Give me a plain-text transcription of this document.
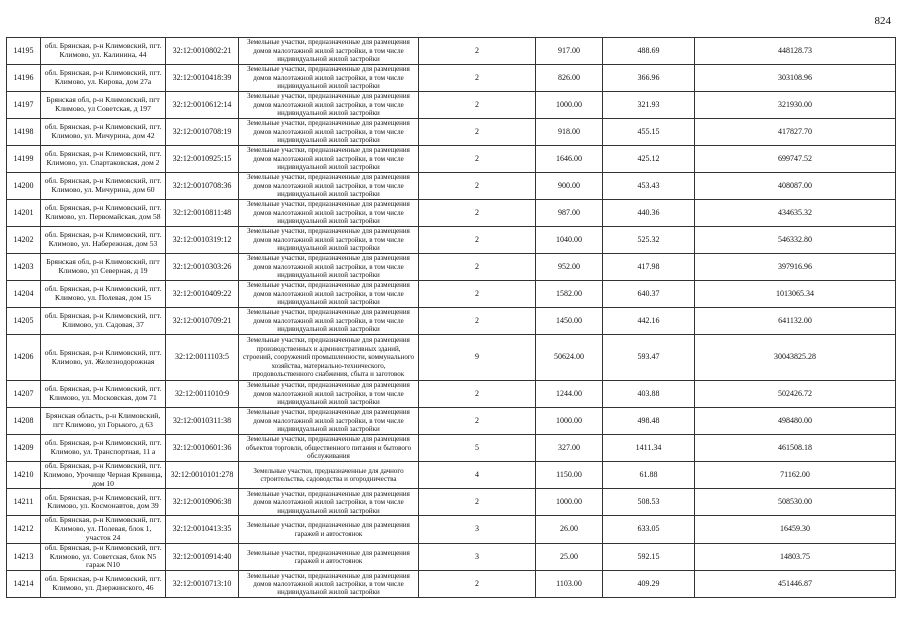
824
14195	обл. Брянская, р-н Климовский, пгт. Климово, ул. Калинина, 44	32:12:0010802:21	Земельные участки, предназначенные для размещения домов малоэтажной жилой застройки, в том числе индивидуальной жилой застройки	2	917.00	488.69	448128.73
14196	обл. Брянская, р-н Климовский, пгт. Климово, ул. Кирова, дом 27а	32:12:0010418:39	Земельные участки, предназначенные для размещения домов малоэтажной жилой застройки, в том числе индивидуальной жилой застройки	2	826.00	366.96	303108.96
14197	Брянская обл, р-н Климовский, пгт Климово, ул Советская, д 197	32:12:0010612:14	Земельные участки, предназначенные для размещения домов малоэтажной жилой застройки, в том числе индивидуальной жилой застройки	2	1000.00	321.93	321930.00
14198	обл. Брянская, р-н Климовский, пгт. Климово, ул. Мичурина, дом 42	32:12:0010708:19	Земельные участки, предназначенные для размещения домов малоэтажной жилой застройки, в том числе индивидуальной жилой застройки	2	918.00	455.15	417827.70
14199	обл. Брянская, р-н Климовский, пгт. Климово, ул. Спартаковская, дом 2	32:12:0010925:15	Земельные участки, предназначенные для размещения домов малоэтажной жилой застройки, в том числе индивидуальной жилой застройки	2	1646.00	425.12	699747.52
14200	обл. Брянская, р-н Климовский, пгт. Климово, ул. Мичурина, дом 60	32:12:0010708:36	Земельные участки, предназначенные для размещения домов малоэтажной жилой застройки, в том числе индивидуальной жилой застройки	2	900.00	453.43	408087.00
14201	обл. Брянская, р-н Климовский, пгт. Климово, ул. Первомайская, дом 58	32:12:0010811:48	Земельные участки, предназначенные для размещения домов малоэтажной жилой застройки, в том числе индивидуальной жилой застройки	2	987.00	440.36	434635.32
14202	обл. Брянская, р-н Климовский, пгт. Климово, ул. Набережная, дом 53	32:12:0010319:12	Земельные участки, предназначенные для размещения домов малоэтажной жилой застройки, в том числе индивидуальной жилой застройки	2	1040.00	525.32	546332.80
14203	Брянская обл, р-н Климовский, пгт Климово, ул Северная, д 19	32:12:0010303:26	Земельные участки, предназначенные для размещения домов малоэтажной жилой застройки, в том числе индивидуальной жилой застройки	2	952.00	417.98	397916.96
14204	обл. Брянская, р-н Климовский, пгт. Климово, ул. Полевая, дом 15	32:12:0010409:22	Земельные участки, предназначенные для размещения домов малоэтажной жилой застройки, в том числе индивидуальной жилой застройки	2	1582.00	640.37	1013065.34
14205	обл. Брянская, р-н Климовский, пгт. Климово, ул. Садовая, 37	32:12:0010709:21	Земельные участки, предназначенные для размещения домов малоэтажной жилой застройки, в том числе индивидуальной жилой застройки	2	1450.00	442.16	641132.00
14206	обл. Брянская, р-н Климовский, пгт. Климово, ул. Железнодорожная	32:12:0011103:5	Земельные участки, предназначенные для размещения производственных и административных зданий, строений, сооружений промышленности, коммунального хозяйства, материально-технического, продовольственного снабжения, сбыта и заготовок	9	50624.00	593.47	30043825.28
14207	обл. Брянская, р-н Климовский, пгт. Климово, ул. Московская, дом 71	32:12:0011010:9	Земельные участки, предназначенные для размещения домов малоэтажной жилой застройки, в том числе индивидуальной жилой застройки	2	1244.00	403.88	502426.72
14208	Брянская область, р-н Климовский, пгт Климово, ул Горького, д 63	32:12:0010311:38	Земельные участки, предназначенные для размещения домов малоэтажной жилой застройки, в том числе индивидуальной жилой застройки	2	1000.00	498.48	498480.00
14209	обл. Брянская, р-н Климовский, пгт. Климово, ул. Транспортная, 11 а	32:12:0010601:36	Земельные участки, предназначенные для размещения объектов торговли, общественного питания и бытового обслуживания	5	327.00	1411.34	461508.18
14210	обл. Брянская, р-н Климовский, пгт. Климово, Урочище Черная Криница, дом 10	32:12:0010101:278	Земельные участки, предназначенные для дачного строительства, садоводства и огородничества	4	1150.00	61.88	71162.00
14211	обл. Брянская, р-н Климовский, пгт. Климово, ул. Космонавтов, дом 39	32:12:0010906:38	Земельные участки, предназначенные для размещения домов малоэтажной жилой застройки, в том числе индивидуальной жилой застройки	2	1000.00	508.53	508530.00
14212	обл. Брянская, р-н Климовский, пгт. Климово, ул. Полевая, блок 1, участок 24	32:12:0010413:35	Земельные участки, предназначенные для размещения гаражей и автостоянок	3	26.00	633.05	16459.30
14213	обл. Брянская, р-н Климовский, пгт. Климово, ул. Советская, блок N5 гараж N10	32:12:0010914:40	Земельные участки, предназначенные для размещения гаражей и автостоянок	3	25.00	592.15	14803.75
14214	обл. Брянская, р-н Климовский, пгт. Климово, ул. Дзержинского, 46	32:12:0010713:10	Земельные участки, предназначенные для размещения домов малоэтажной жилой застройки, в том числе индивидуальной жилой застройки	2	1103.00	409.29	451446.87
